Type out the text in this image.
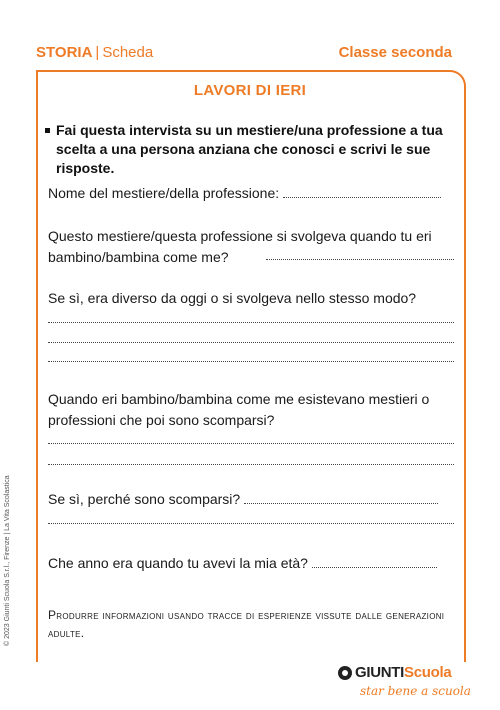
STORIA | Scheda	Classe seconda
LAVORI DI IERI
Fai questa intervista su un mestiere/una professione a tua scelta a una persona anziana che conosci e scrivi le sue risposte.
Nome del mestiere/della professione:
Questo mestiere/questa professione si svolgeva quando tu eri bambino/bambina come me?
Se sì, era diverso da oggi o si svolgeva nello stesso modo?
Quando eri bambino/bambina come me esistevano mestieri o professioni che poi sono scomparsi?
Se sì, perché sono scomparsi?
Che anno era quando tu avevi la mia età?
Produrre informazioni usando tracce di esperienze vissute dalle generazioni adulte.
© 2023 Giunti Scuola S.r.l., Firenze | La Vita Scolastica
GIUNTIScuola
star bene a scuola
